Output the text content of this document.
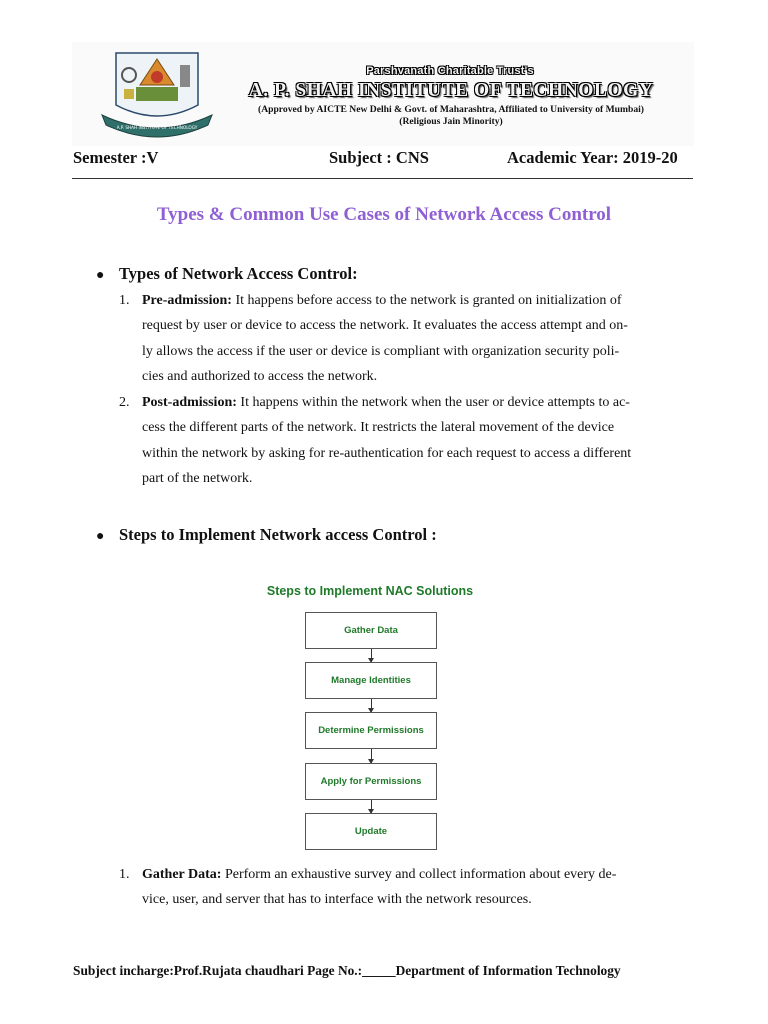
A.P. SHAH INSTITUTE OF TECHNOLOGY
Parshvanath Charitable Trust's
A. P. SHAH INSTITUTE OF TECHNOLOGY
(Approved by AICTE New Delhi & Govt. of Maharashtra, Affiliated to University of Mumbai)
(Religious Jain Minority)
Semester :V	Subject : CNS	Academic Year: 2019-20
Types & Common Use Cases of Network Access Control
● Types of Network Access Control:
1. Pre-admission: It happens before access to the network is granted on initialization of
request by user or device to access the network. It evaluates the access attempt and on-
ly allows the access if the user or device is compliant with organization security poli-
cies and authorized to access the network.
2. Post-admission: It happens within the network when the user or device attempts to ac-
cess the different parts of the network. It restricts the lateral movement of the device
within the network by asking for re-authentication for each request to access a different
part of the network.
● Steps to Implement Network access Control :
Steps to Implement NAC Solutions
Gather Data
Manage Identities
Determine Permissions
Apply for Permissions
Update
1. Gather Data: Perform an exhaustive survey and collect information about every de-
vice, user, and server that has to interface with the network resources.
Subject incharge:Prof.Rujata chaudhari Page No.:_____Department of Information Technology
